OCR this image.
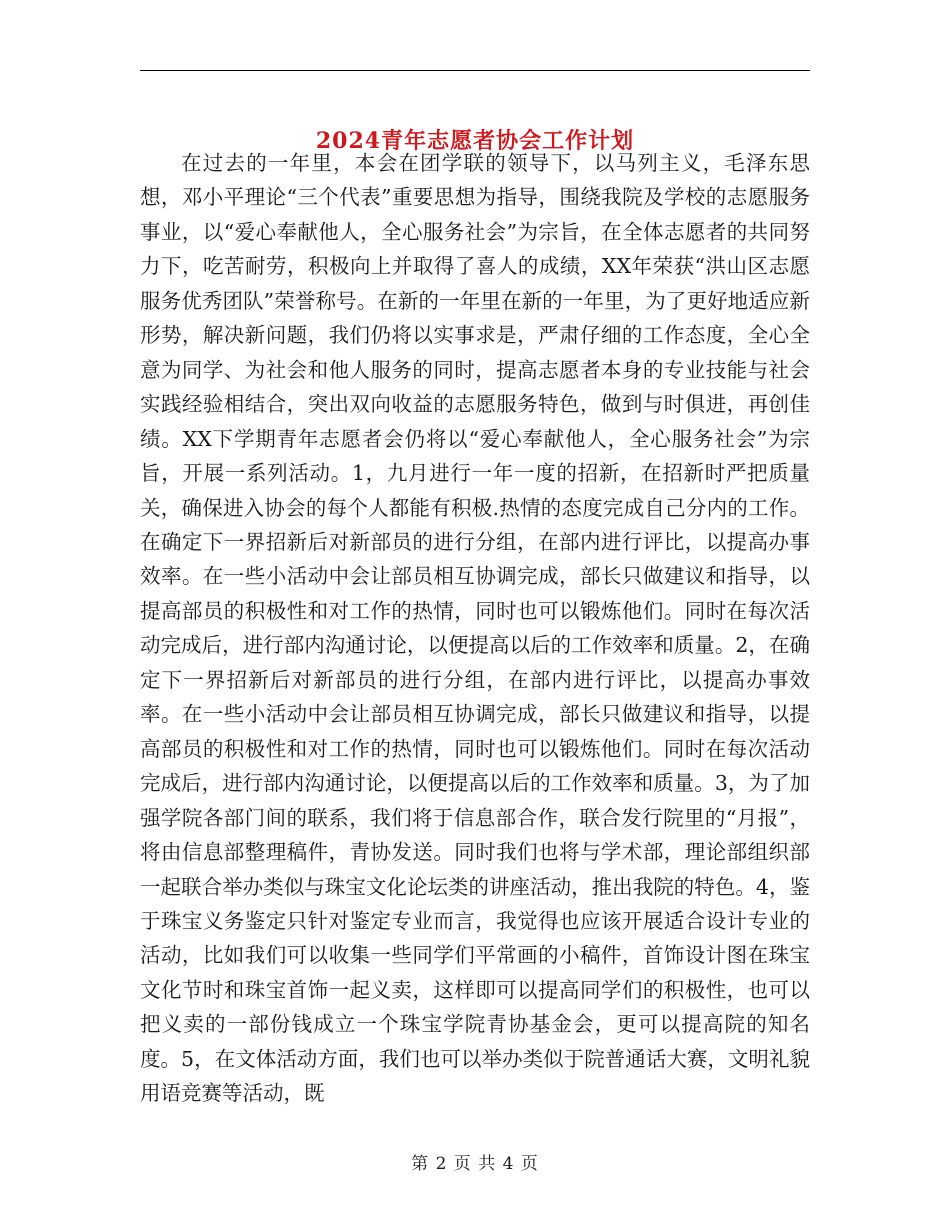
2024青年志愿者协会工作计划

在过去的一年里，本会在团学联的领导下，以马列主义，毛泽东思想，邓小平理论“三个代表”重要思想为指导，围绕我院及学校的志愿服务事业，以“爱心奉献他人，全心服务社会”为宗旨，在全体志愿者的共同努力下，吃苦耐劳，积极向上并取得了喜人的成绩，XX年荣获“洪山区志愿服务优秀团队”荣誉称号。在新的一年里在新的一年里，为了更好地适应新形势，解决新问题，我们仍将以实事求是，严肃仔细的工作态度，全心全意为同学、为社会和他人服务的同时，提高志愿者本身的专业技能与社会实践经验相结合，突出双向收益的志愿服务特色，做到与时俱进，再创佳绩。XX下学期青年志愿者会仍将以“爱心奉献他人，全心服务社会”为宗旨，开展一系列活动。1，九月进行一年一度的招新，在招新时严把质量关，确保进入协会的每个人都能有积极.热情的态度完成自己分内的工作。在确定下一界招新后对新部员的进行分组，在部内进行评比，以提高办事效率。在一些小活动中会让部员相互协调完成，部长只做建议和指导，以提高部员的积极性和对工作的热情，同时也可以锻炼他们。同时在每次活动完成后，进行部内沟通讨论，以便提高以后的工作效率和质量。2，在确定下一界招新后对新部员的进行分组，在部内进行评比，以提高办事效率。在一些小活动中会让部员相互协调完成，部长只做建议和指导，以提高部员的积极性和对工作的热情，同时也可以锻炼他们。同时在每次活动完成后，进行部内沟通讨论，以便提高以后的工作效率和质量。3，为了加强学院各部门间的联系，我们将于信息部合作，联合发行院里的“月报”，将由信息部整理稿件，青协发送。同时我们也将与学术部，理论部组织部一起联合举办类似与珠宝文化论坛类的讲座活动，推出我院的特色。4，鉴于珠宝义务鉴定只针对鉴定专业而言，我觉得也应该开展适合设计专业的活动，比如我们可以收集一些同学们平常画的小稿件，首饰设计图在珠宝文化节时和珠宝首饰一起义卖，这样即可以提高同学们的积极性，也可以把义卖的一部份钱成立一个珠宝学院青协基金会，更可以提高院的知名度。5，在文体活动方面，我们也可以举办类似于院普通话大赛，文明礼貌用语竞赛等活动，既

第 2 页 共 4 页
